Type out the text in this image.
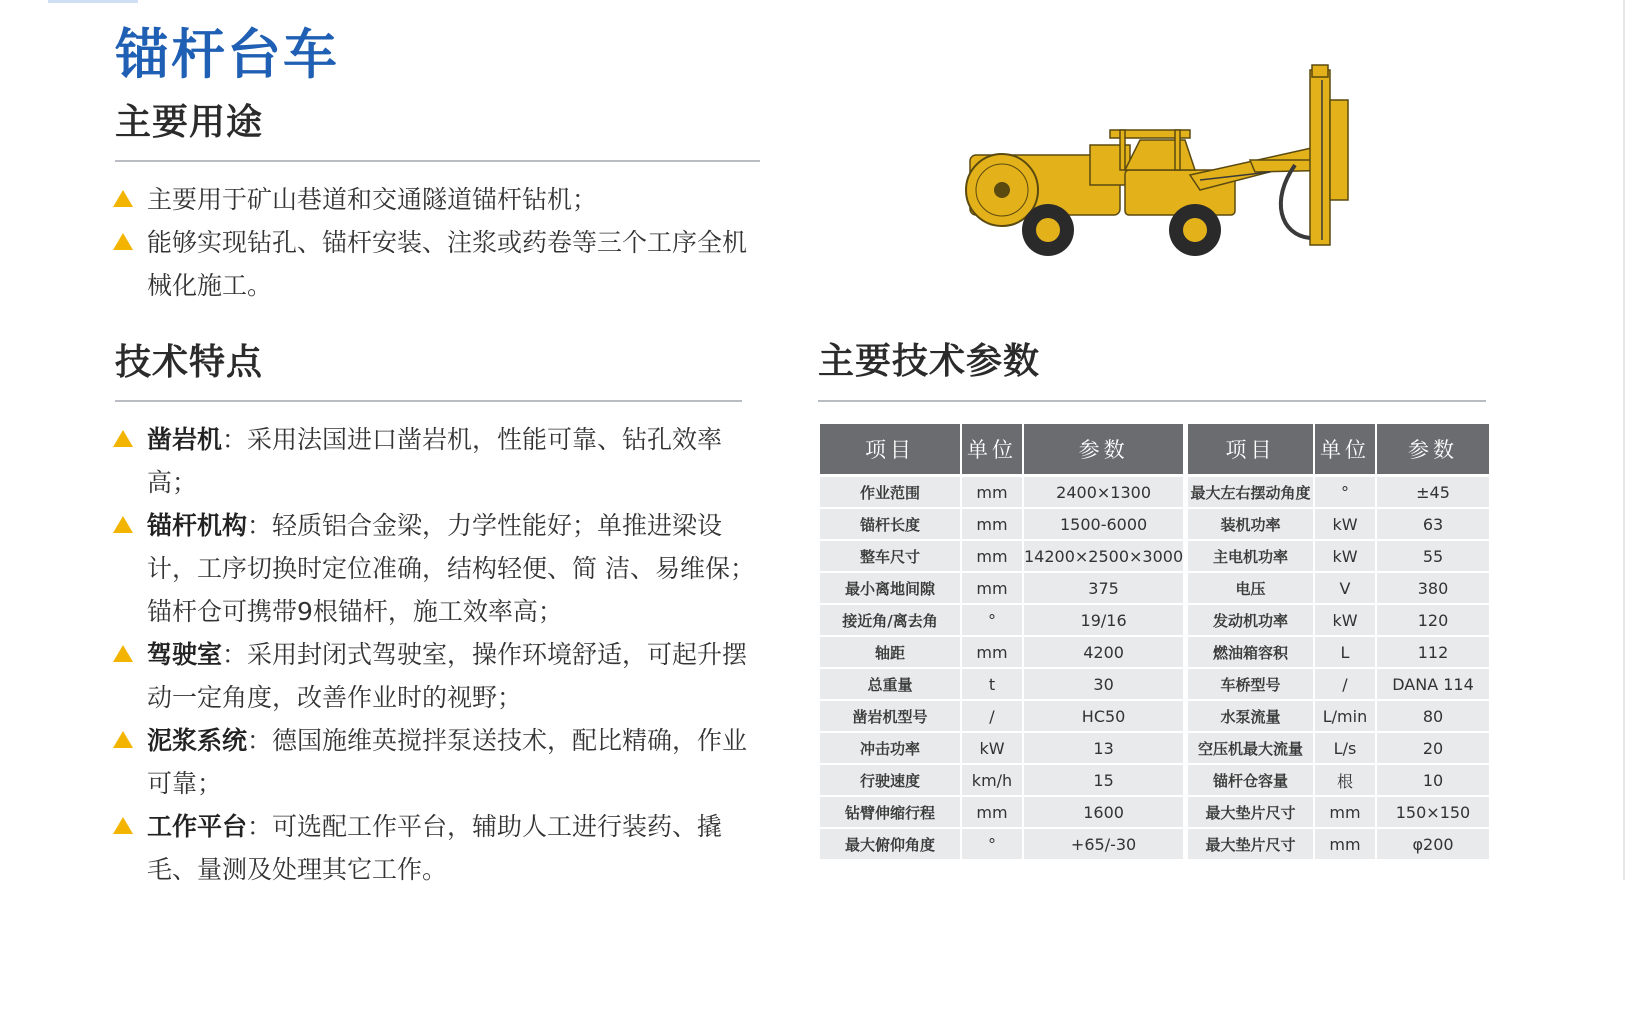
锚杆台车
主要用途
主要用于矿山巷道和交通隧道锚杆钻机；
能够实现钻孔、锚杆安装、注浆或药卷等三个工序全机械化施工。
技术特点
凿岩机：采用法国进口凿岩机，性能可靠、钻孔效率高；
锚杆机构：轻质铝合金梁，力学性能好；单推进梁设计，工序切换时定位准确，结构轻便、简 洁、易维保；锚杆仓可携带9根锚杆，施工效率高；
驾驶室：采用封闭式驾驶室，操作环境舒适，可起升摆动一定角度，改善作业时的视野；
泥浆系统：德国施维英搅拌泵送技术，配比精确，作业可靠；
工作平台：可选配工作平台，辅助人工进行装药、撬毛、量测及处理其它工作。
主要技术参数
项目	单位	参数
作业范围	mm	2400×1300
锚杆长度	mm	1500-6000
整车尺寸	mm	14200×2500×3000
最小离地间隙	mm	375
接近角/离去角	°	19/16
轴距	mm	4200
总重量	t	30
凿岩机型号	/	HC50
冲击功率	kW	13
行驶速度	km/h	15
钻臂伸缩行程	mm	1600
最大俯仰角度	°	+65/-30
项目	单位	参数
最大左右摆动角度	°	±45
装机功率	kW	63
主电机功率	kW	55
电压	V	380
发动机功率	kW	120
燃油箱容积	L	112
车桥型号	/	DANA 114
水泵流量	L/min	80
空压机最大流量	L/s	20
锚杆仓容量	根	10
最大垫片尺寸	mm	150×150
最大垫片尺寸	mm	φ200
